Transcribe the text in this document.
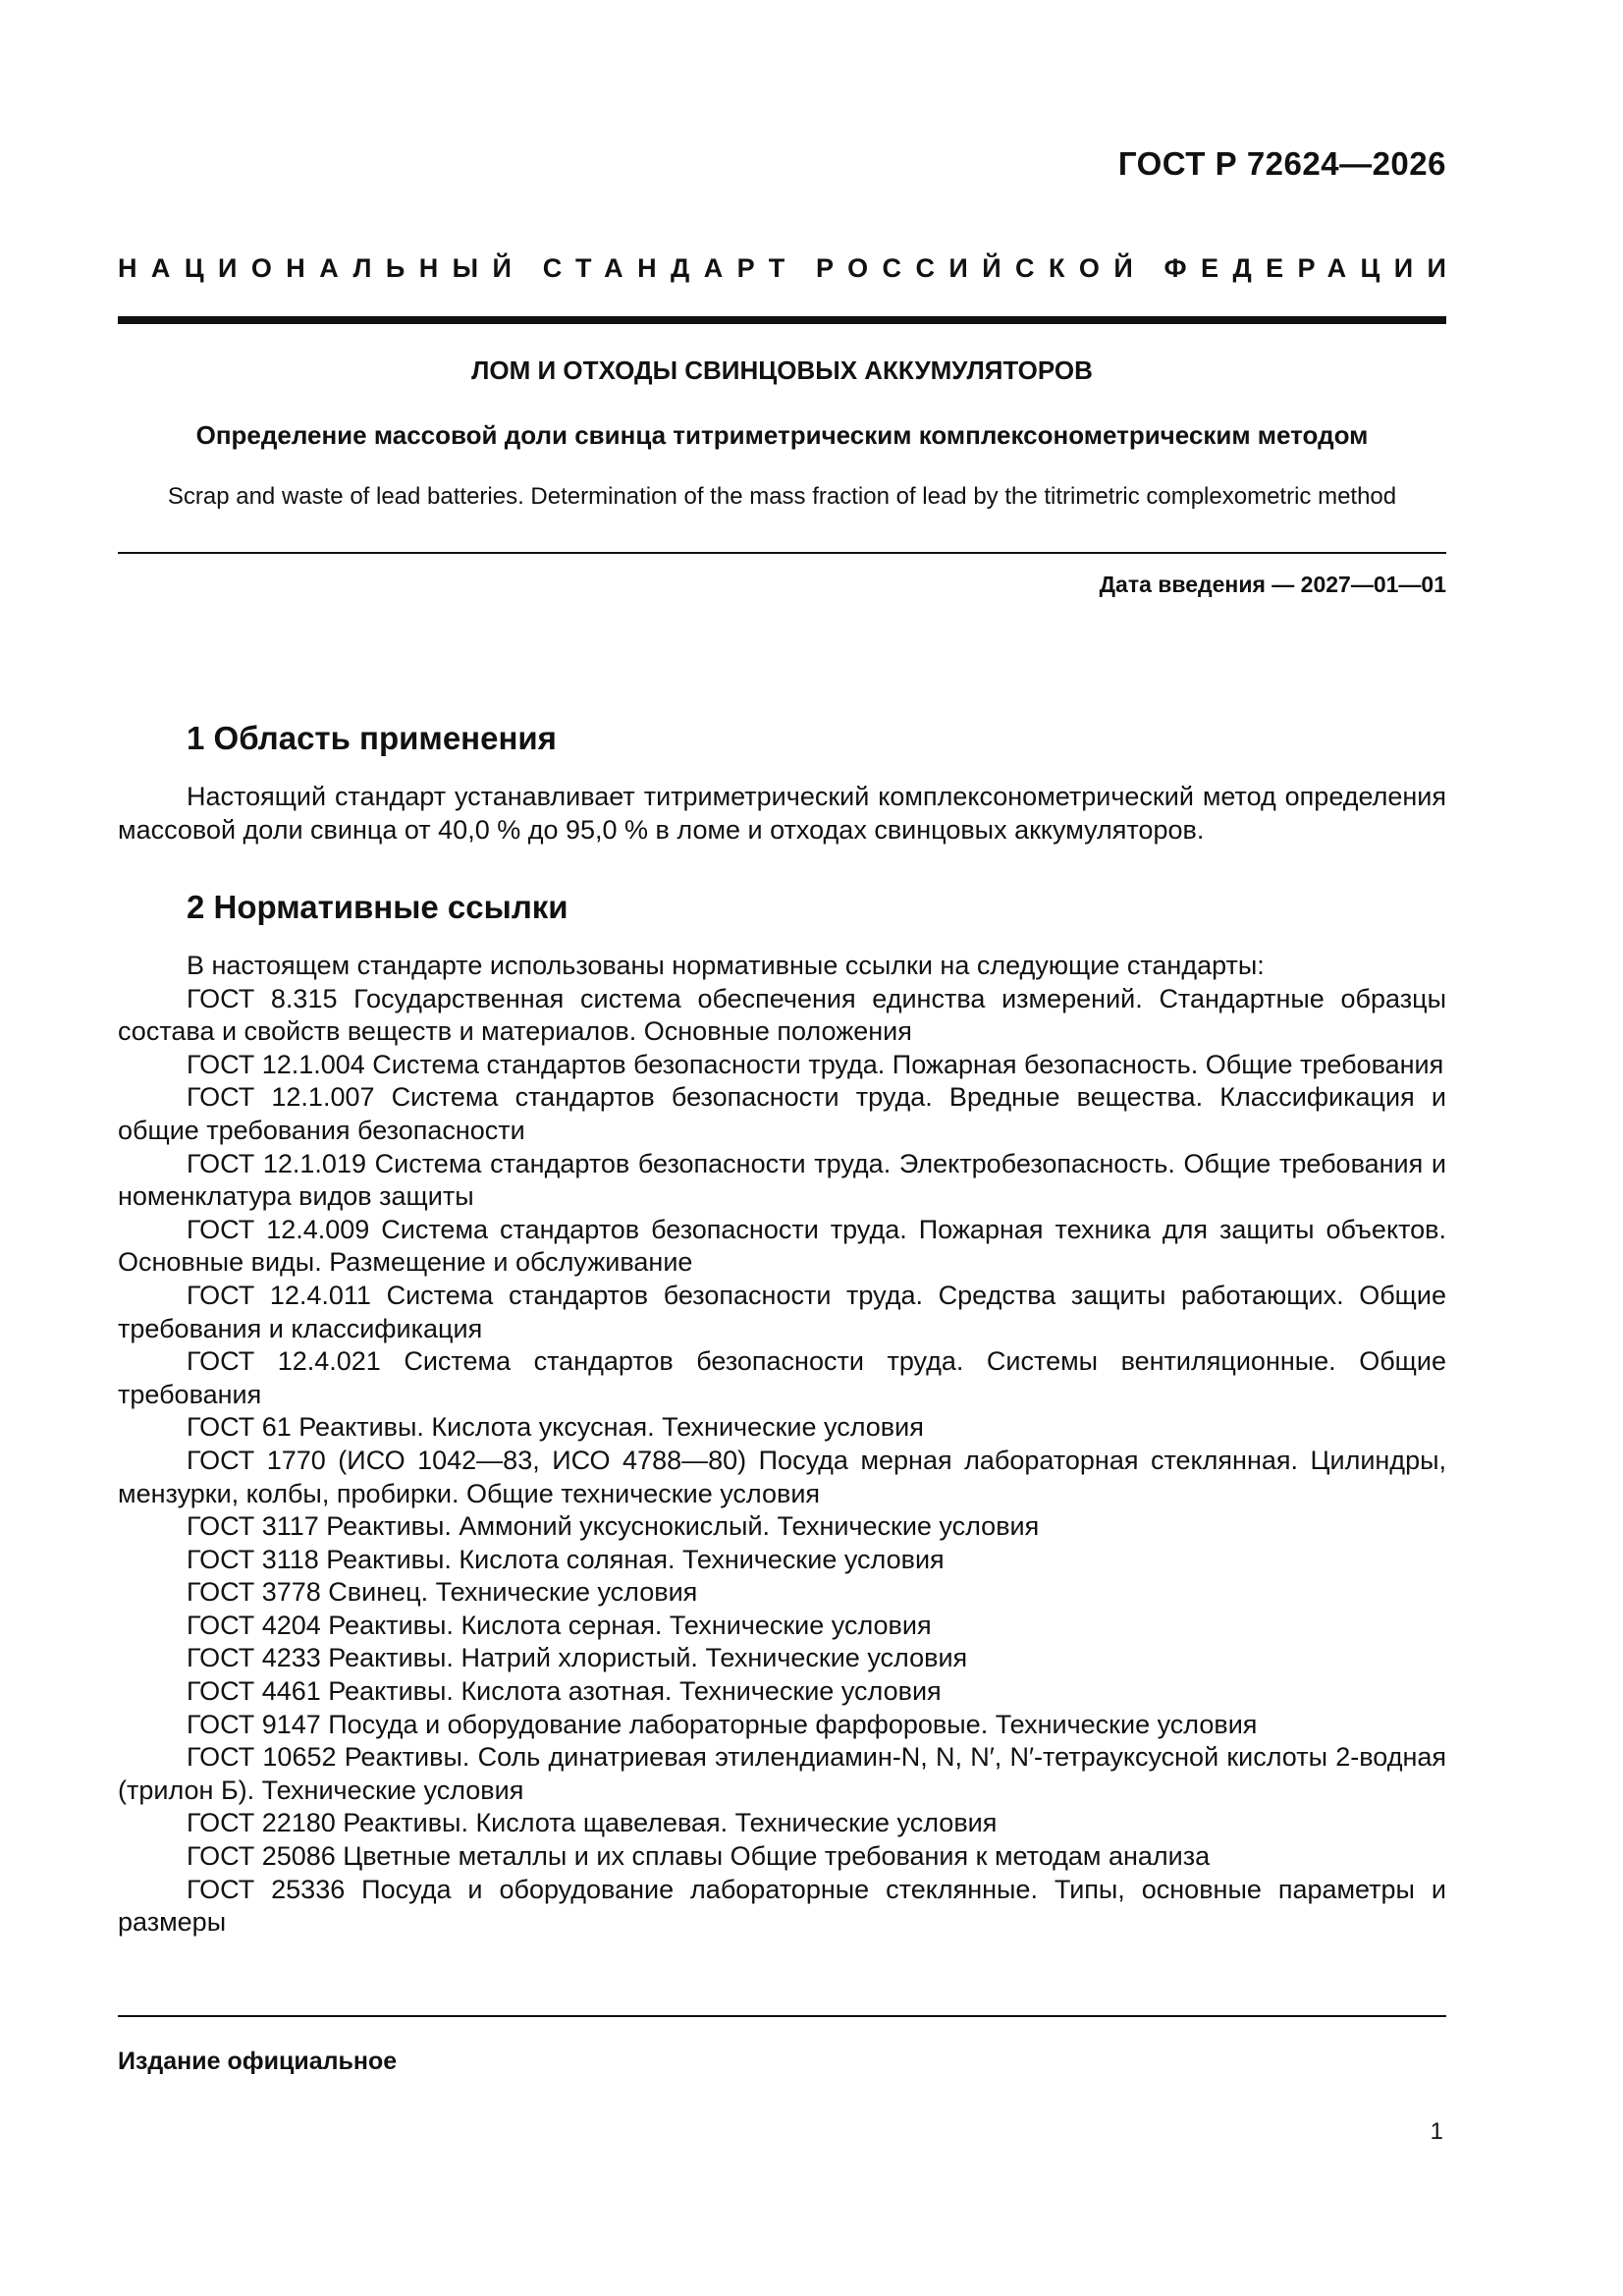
ГОСТ Р 72624—2026
НАЦИОНАЛЬНЫЙ СТАНДАРТ РОССИЙСКОЙ ФЕДЕРАЦИИ
ЛОМ И ОТХОДЫ СВИНЦОВЫХ АККУМУЛЯТОРОВ
Определение массовой доли свинца титриметрическим комплексонометрическим методом
Scrap and waste of lead batteries. Determination of the mass fraction of lead by the titrimetric complexometric method
Дата введения — 2027—01—01
1 Область применения

Настоящий стандарт устанавливает титриметрический комплексонометрический метод определения массовой доли свинца от 40,0 % до 95,0 % в ломе и отходах свинцовых аккумуляторов.

2 Нормативные ссылки

В настоящем стандарте использованы нормативные ссылки на следующие стандарты:

ГОСТ 8.315 Государственная система обеспечения единства измерений. Стандартные образцы состава и свойств веществ и материалов. Основные положения

ГОСТ 12.1.004 Система стандартов безопасности труда. Пожарная безопасность. Общие требования

ГОСТ 12.1.007 Система стандартов безопасности труда. Вредные вещества. Классификация и общие требования безопасности

ГОСТ 12.1.019 Система стандартов безопасности труда. Электробезопасность. Общие требования и номенклатура видов защиты

ГОСТ 12.4.009 Система стандартов безопасности труда. Пожарная техника для защиты объектов. Основные виды. Размещение и обслуживание

ГОСТ 12.4.011 Система стандартов безопасности труда. Средства защиты работающих. Общие требования и классификация

ГОСТ 12.4.021 Система стандартов безопасности труда. Системы вентиляционные. Общие требования

ГОСТ 61 Реактивы. Кислота уксусная. Технические условия

ГОСТ 1770 (ИСО 1042—83, ИСО 4788—80) Посуда мерная лабораторная стеклянная. Цилиндры, мензурки, колбы, пробирки. Общие технические условия

ГОСТ 3117 Реактивы. Аммоний уксуснокислый. Технические условия

ГОСТ 3118 Реактивы. Кислота соляная. Технические условия

ГОСТ 3778 Свинец. Технические условия

ГОСТ 4204 Реактивы. Кислота серная. Технические условия

ГОСТ 4233 Реактивы. Натрий хлористый. Технические условия

ГОСТ 4461 Реактивы. Кислота азотная. Технические условия

ГОСТ 9147 Посуда и оборудование лабораторные фарфоровые. Технические условия

ГОСТ 10652 Реактивы. Соль динатриевая этилендиамин-N, N, N′, N′-тетрауксусной кислоты 2-водная (трилон Б). Технические условия

ГОСТ 22180 Реактивы. Кислота щавелевая. Технические условия

ГОСТ 25086 Цветные металлы и их сплавы Общие требования к методам анализа

ГОСТ 25336 Посуда и оборудование лабораторные стеклянные. Типы, основные параметры и размеры

Издание официальное
1
